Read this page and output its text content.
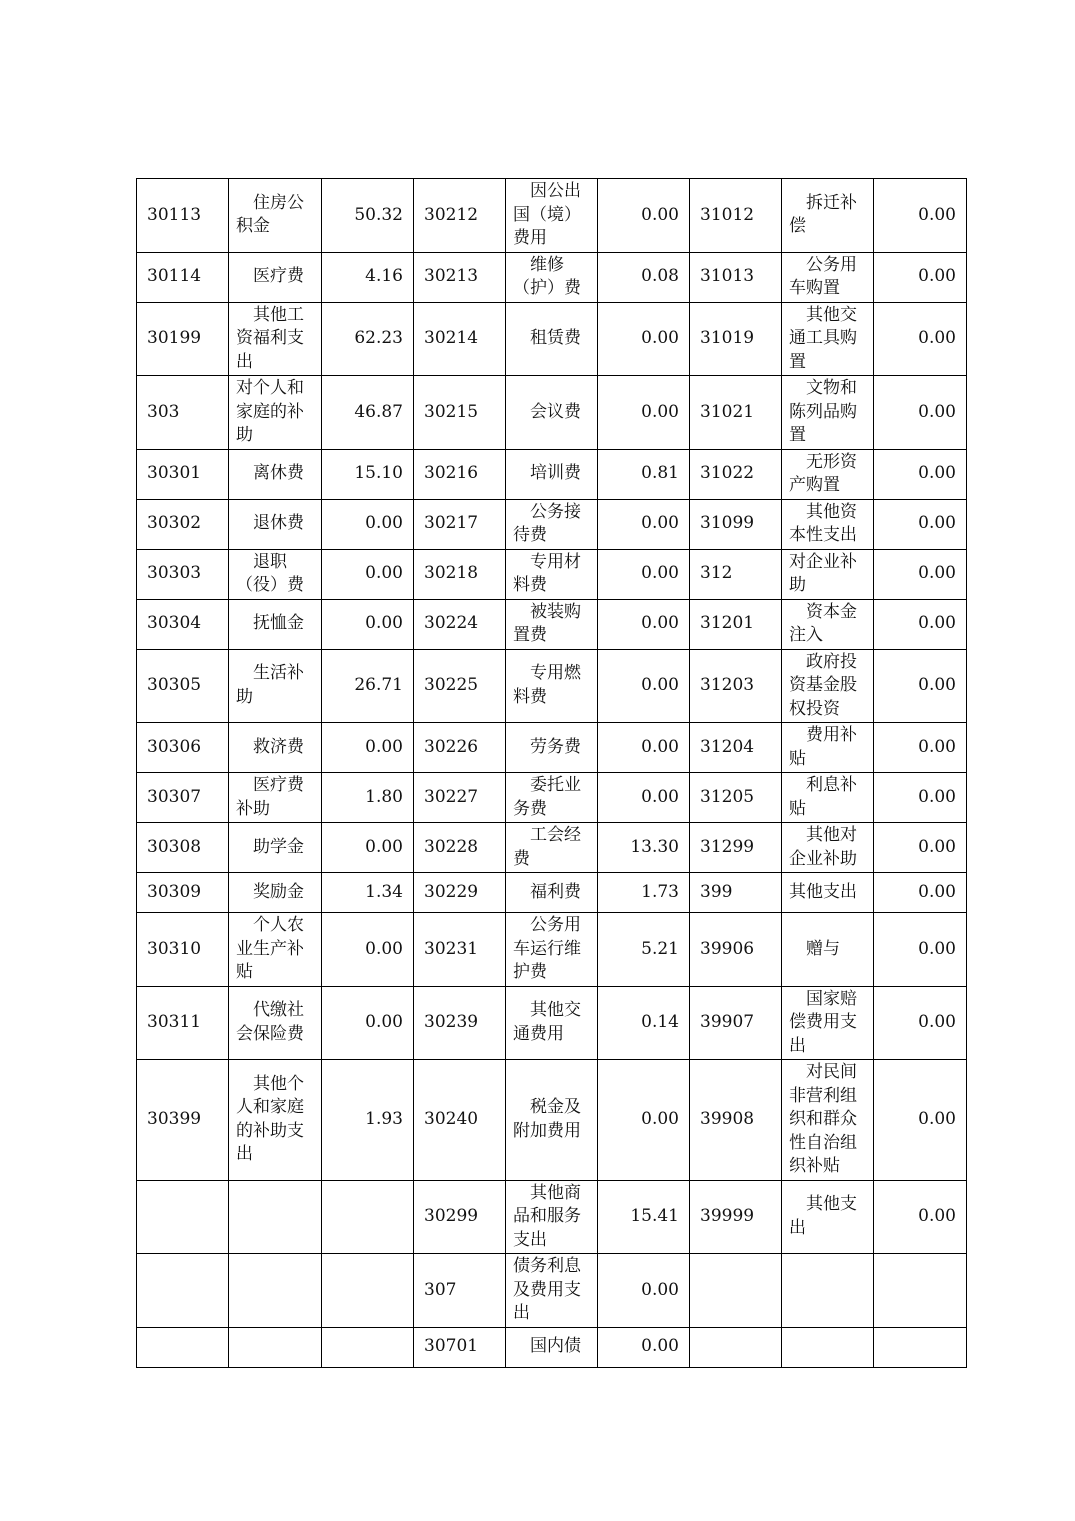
30113	住房公积金	50.32	30212	因公出国（境）费用	0.00	31012	拆迁补偿	0.00
30114	医疗费	4.16	30213	维修（护）费	0.08	31013	公务用车购置	0.00
30199	其他工资福利支出	62.23	30214	租赁费	0.00	31019	其他交通工具购置	0.00
303	对个人和家庭的补助	46.87	30215	会议费	0.00	31021	文物和陈列品购置	0.00
30301	离休费	15.10	30216	培训费	0.81	31022	无形资产购置	0.00
30302	退休费	0.00	30217	公务接待费	0.00	31099	其他资本性支出	0.00
30303	退职（役）费	0.00	30218	专用材料费	0.00	312	对企业补助	0.00
30304	抚恤金	0.00	30224	被装购置费	0.00	31201	资本金注入	0.00
30305	生活补助	26.71	30225	专用燃料费	0.00	31203	政府投资基金股权投资	0.00
30306	救济费	0.00	30226	劳务费	0.00	31204	费用补贴	0.00
30307	医疗费补助	1.80	30227	委托业务费	0.00	31205	利息补贴	0.00
30308	助学金	0.00	30228	工会经费	13.30	31299	其他对企业补助	0.00
30309	奖励金	1.34	30229	福利费	1.73	399	其他支出	0.00
30310	个人农业生产补贴	0.00	30231	公务用车运行维护费	5.21	39906	赠与	0.00
30311	代缴社会保险费	0.00	30239	其他交通费用	0.14	39907	国家赔偿费用支出	0.00
30399	其他个人和家庭的补助支出	1.93	30240	税金及附加费用	0.00	39908	对民间非营利组织和群众性自治组织补贴	0.00
			30299	其他商品和服务支出	15.41	39999	其他支出	0.00
			307	债务利息及费用支出	0.00			
			30701	国内债	0.00			
